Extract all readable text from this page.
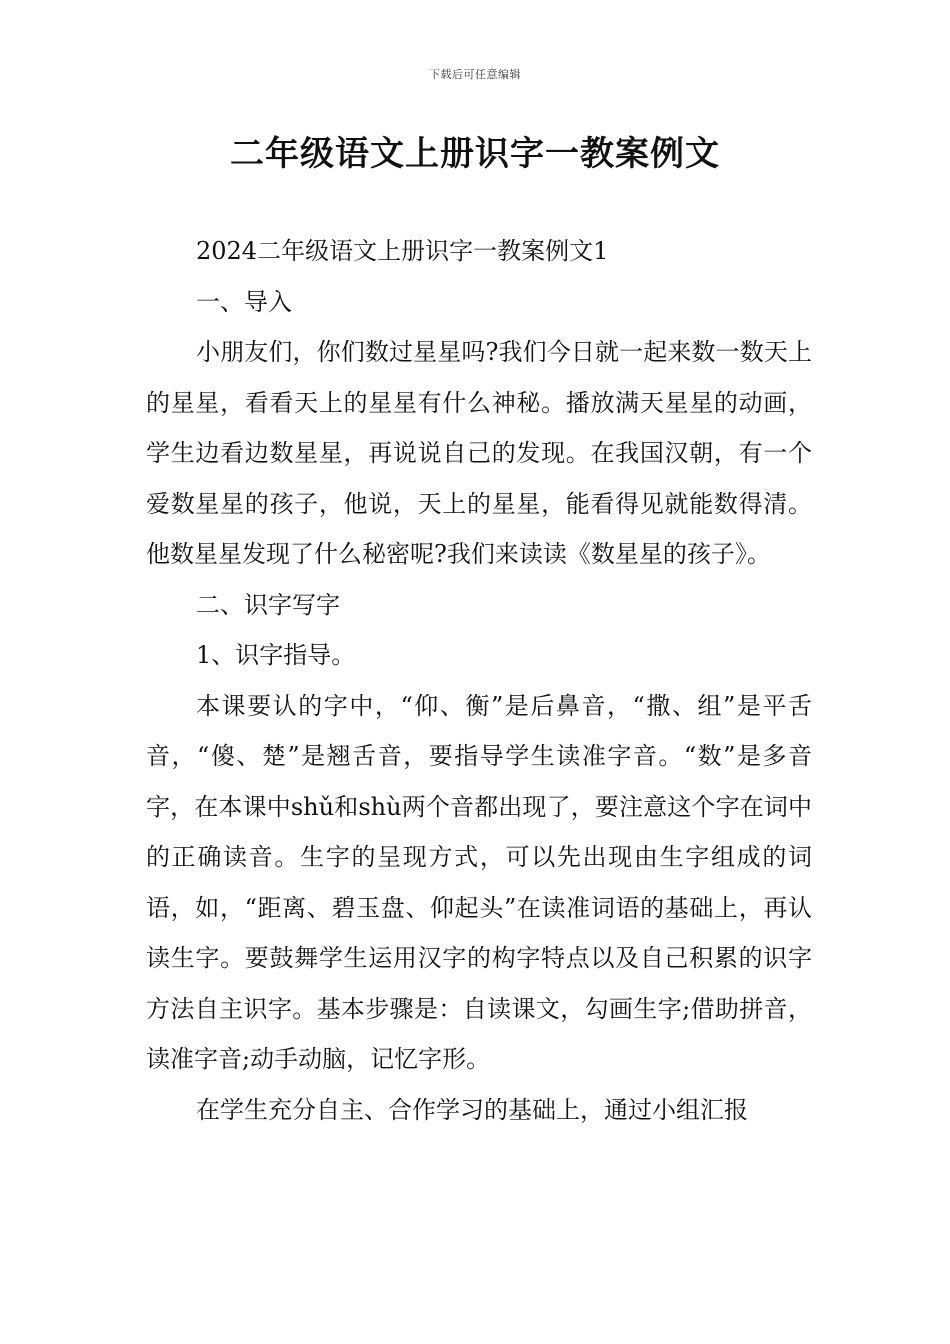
下载后可任意编辑
二年级语文上册识字一教案例文

2024二年级语文上册识字一教案例文1

一、导入

小朋友们，你们数过星星吗?我们今日就一起来数一数天上的星星，看看天上的星星有什么神秘。播放满天星星的动画，学生边看边数星星，再说说自己的发现。在我国汉朝，有一个爱数星星的孩子，他说，天上的星星，能看得见就能数得清。他数星星发现了什么秘密呢?我们来读读《数星星的孩子》。

二、识字写字

1、识字指导。

本课要认的字中，“仰、衡”是后鼻音，“撒、组”是平舌音，“傻、楚”是翘舌音，要指导学生读准字音。“数”是多音字，在本课中shǔ和shù两个音都出现了，要注意这个字在词中的正确读音。生字的呈现方式，可以先出现由生字组成的词语，如，“距离、碧玉盘、仰起头”在读准词语的基础上，再认读生字。要鼓舞学生运用汉字的构字特点以及自己积累的识字方法自主识字。基本步骤是：自读课文，勾画生字;借助拼音，读准字音;动手动脑，记忆字形。

在学生充分自主、合作学习的基础上，通过小组汇报
